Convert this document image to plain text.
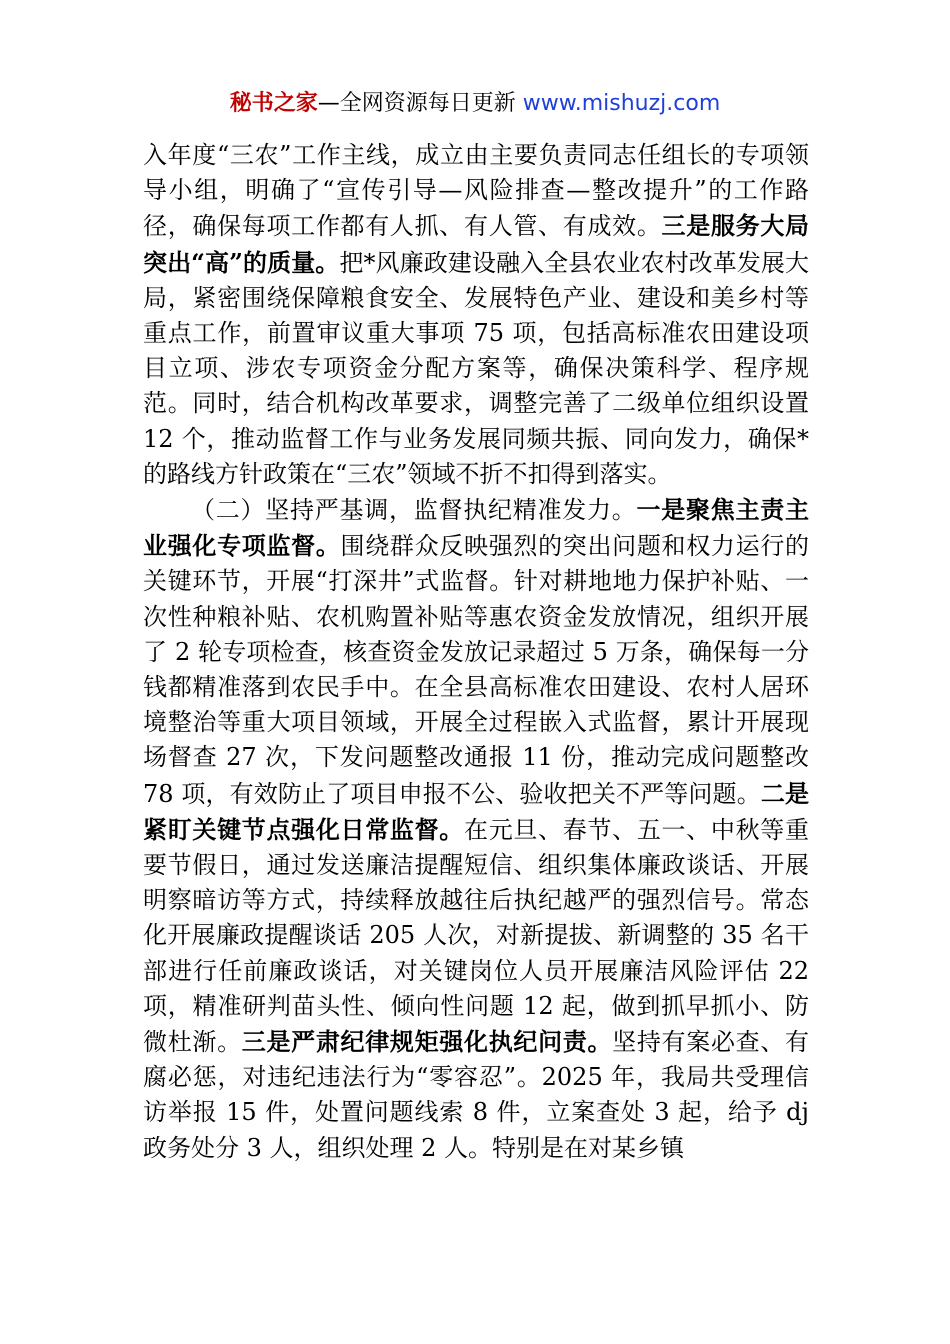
秘书之家—全网资源每日更新 www.mishuzj.com

入年度“三农”工作主线，成立由主要负责同志任组长的专项领导小组，明确了“宣传引导—风险排查—整改提升”的工作路径，确保每项工作都有人抓、有人管、有成效。三是服务大局突出“高”的质量。把*风廉政建设融入全县农业农村改革发展大局，紧密围绕保障粮食安全、发展特色产业、建设和美乡村等重点工作，前置审议重大事项 75 项，包括高标准农田建设项目立项、涉农专项资金分配方案等，确保决策科学、程序规范。同时，结合机构改革要求，调整完善了二级单位组织设置 12 个，推动监督工作与业务发展同频共振、同向发力，确保*的路线方针政策在“三农”领域不折不扣得到落实。

（二）坚持严基调，监督执纪精准发力。一是聚焦主责主业强化专项监督。围绕群众反映强烈的突出问题和权力运行的关键环节，开展“打深井”式监督。针对耕地地力保护补贴、一次性种粮补贴、农机购置补贴等惠农资金发放情况，组织开展了 2 轮专项检查，核查资金发放记录超过 5 万条，确保每一分钱都精准落到农民手中。在全县高标准农田建设、农村人居环境整治等重大项目领域，开展全过程嵌入式监督，累计开展现场督查 27 次，下发问题整改通报 11 份，推动完成问题整改 78 项，有效防止了项目申报不公、验收把关不严等问题。二是紧盯关键节点强化日常监督。在元旦、春节、五一、中秋等重要节假日，通过发送廉洁提醒短信、组织集体廉政谈话、开展明察暗访等方式，持续释放越往后执纪越严的强烈信号。常态化开展廉政提醒谈话 205 人次，对新提拔、新调整的 35 名干部进行任前廉政谈话，对关键岗位人员开展廉洁风险评估 22 项，精准研判苗头性、倾向性问题 12 起，做到抓早抓小、防微杜渐。三是严肃纪律规矩强化执纪问责。坚持有案必查、有腐必惩，对违纪违法行为“零容忍”。2025 年，我局共受理信访举报 15 件，处置问题线索 8 件，立案查处 3 起，给予 dj 政务处分 3 人，组织处理 2 人。特别是在对某乡镇
